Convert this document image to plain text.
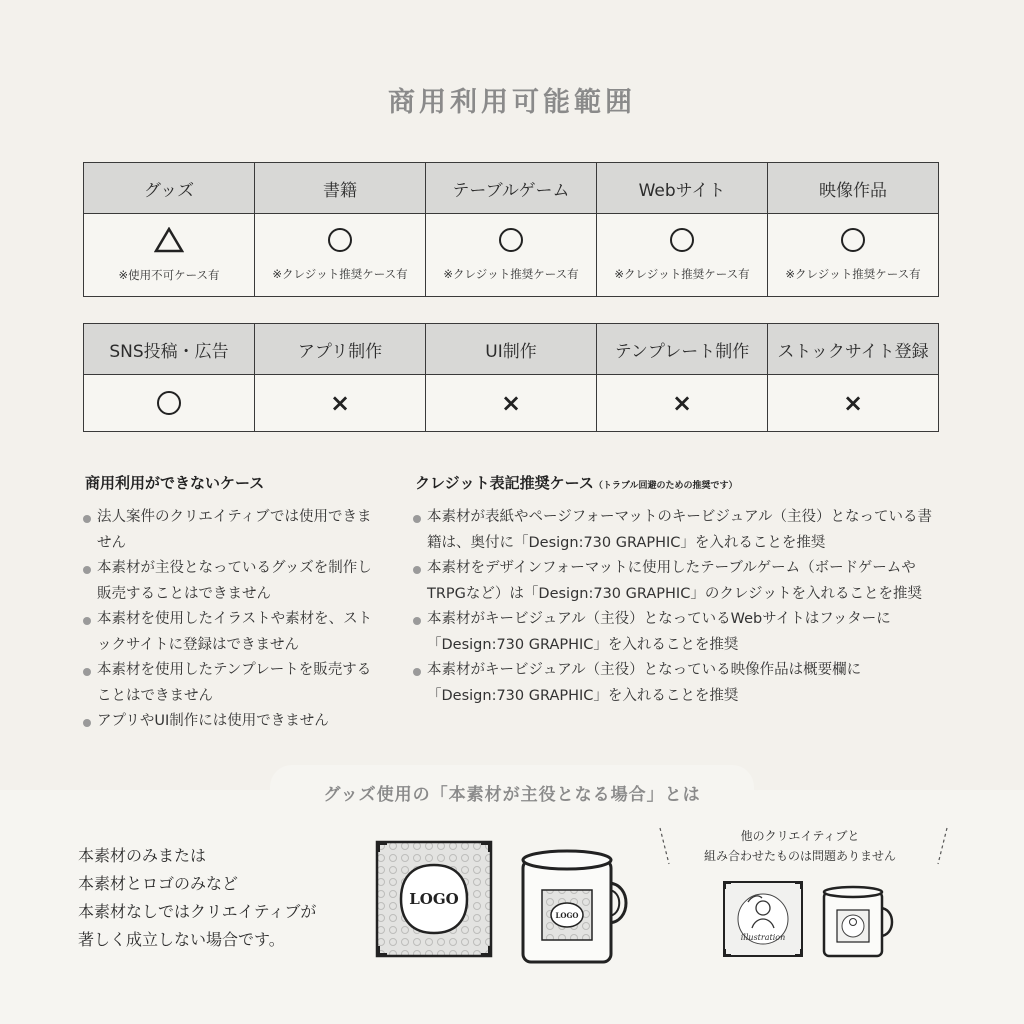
商用利用可能範囲
グッズ	書籍	テーブルゲーム	Webサイト	映像作品

※使用不可ケース有	※クレジット推奨ケース有	※クレジット推奨ケース有	※クレジット推奨ケース有	※クレジット推奨ケース有
SNS投稿・広告	アプリ制作	UI制作	テンプレート制作	ストックサイト登録

	×	×	×	×
商用利用ができないケース
法人案件のクリエイティブでは使用できません
本素材が主役となっているグッズを制作し販売することはできません
本素材を使用したイラストや素材を、ストックサイトに登録はできません
本素材を使用したテンプレートを販売することはできません
アプリやUI制作には使用できません
クレジット表記推奨ケース（トラブル回避のための推奨です）
本素材が表紙やページフォーマットのキービジュアル（主役）となっている書籍は、奥付に「Design:730 GRAPHIC」を入れることを推奨
本素材をデザインフォーマットに使用したテーブルゲーム（ボードゲームやTRPGなど）は「Design:730 GRAPHIC」のクレジットを入れることを推奨
本素材がキービジュアル（主役）となっているWebサイトはフッターに「Design:730 GRAPHIC」を入れることを推奨
本素材がキービジュアル（主役）となっている映像作品は概要欄に「Design:730 GRAPHIC」を入れることを推奨
グッズ使用の「本素材が主役となる場合」とは
本素材のみまたは
本素材とロゴのみなど
本素材なしではクリエイティブが
著しく成立しない場合です。
LOGO
LOGO
他のクリエイティブと
組み合わせたものは問題ありません
illustration
